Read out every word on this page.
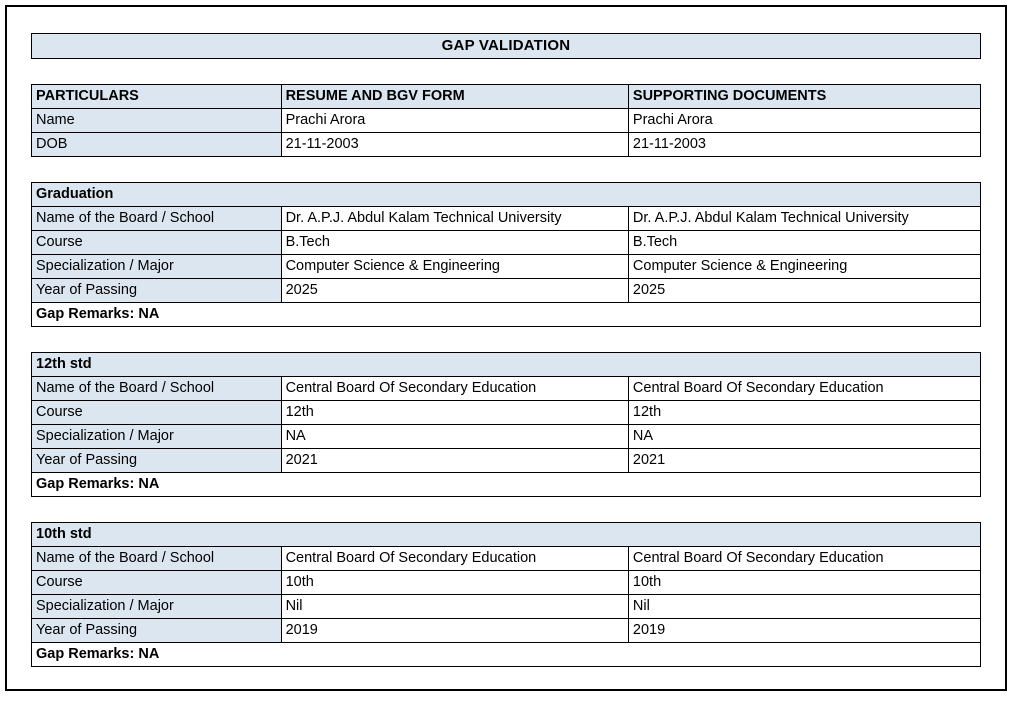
GAP VALIDATION
PARTICULARS	RESUME AND BGV FORM	SUPPORTING DOCUMENTS
Name	Prachi Arora	Prachi Arora
DOB	21-11-2003	21-11-2003
Graduation		
Name of the Board / School	Dr. A.P.J. Abdul Kalam Technical University	Dr. A.P.J. Abdul Kalam Technical University
Course	B.Tech	B.Tech
Specialization / Major	Computer Science & Engineering	Computer Science & Engineering
Year of Passing	2025	2025
Gap Remarks: NA		
12th std		
Name of the Board / School	Central Board Of Secondary Education	Central Board Of Secondary Education
Course	12th	12th
Specialization / Major	NA	NA
Year of Passing	2021	2021
Gap Remarks: NA		
10th std		
Name of the Board / School	Central Board Of Secondary Education	Central Board Of Secondary Education
Course	10th	10th
Specialization / Major	Nil	Nil
Year of Passing	2019	2019
Gap Remarks: NA		
